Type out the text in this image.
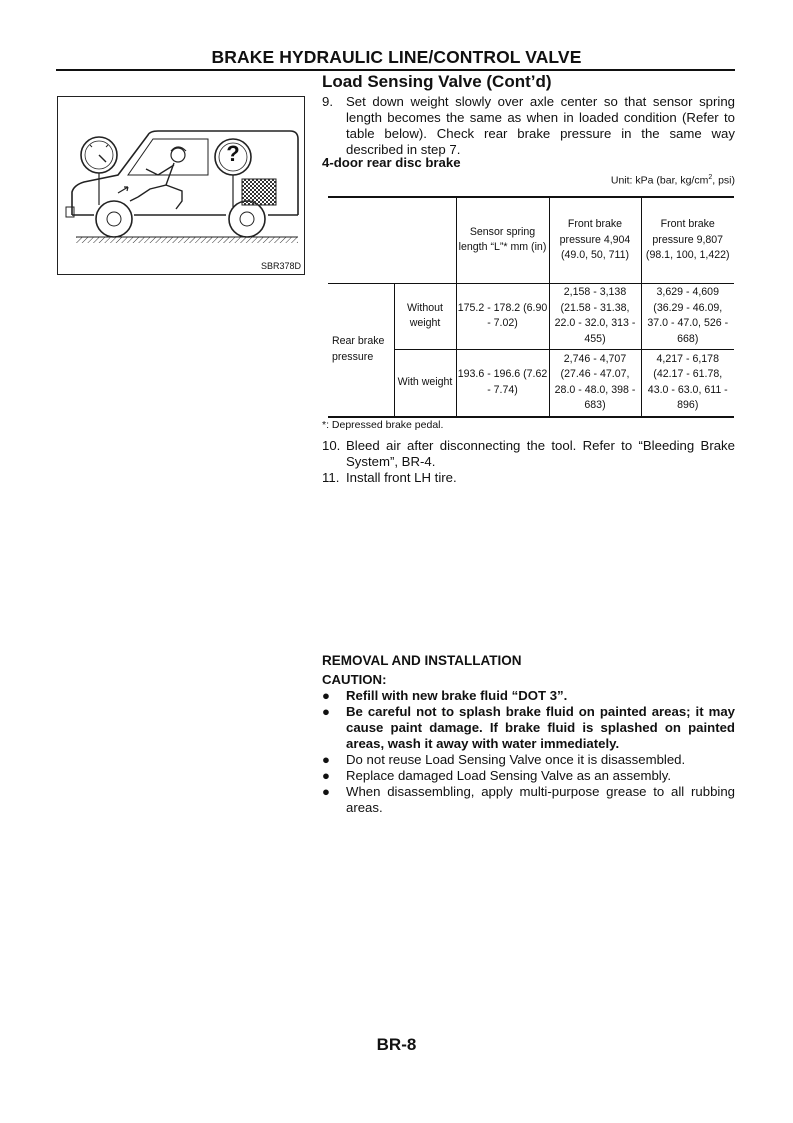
BRAKE HYDRAULIC LINE/CONTROL VALVE
Load Sensing Valve (Cont’d)
?
SBR378D
9. Set down weight slowly over axle center so that sensor spring length becomes the same as when in loaded condition (Refer to table below). Check rear brake pressure in the same way described in step 7.
4-door rear disc brake
Unit: kPa (bar, $kg/cm^2$, psi)
		Sensor spring length “L”* mm (in)	Front brake pressure 4,904 (49.0, 50, 711)	Front brake pressure 9,807 (98.1, 100, 1,422)
Rear brake pressure	Without weight	175.2 - 178.2 (6.90 - 7.02)	2,158 - 3,138 (21.58 - 31.38, 22.0 - 32.0, 313 - 455)	3,629 - 4,609 (36.29 - 46.09, 37.0 - 47.0, 526 - 668)
	With weight	193.6 - 196.6 (7.62 - 7.74)	2,746 - 4,707 (27.46 - 47.07, 28.0 - 48.0, 398 - 683)	4,217 - 6,178 (42.17 - 61.78, 43.0 - 63.0, 611 - 896)
*: Depressed brake pedal.
10. Bleed air after disconnecting the tool. Refer to “Bleeding Brake System”, BR-4.
11. Install front LH tire.
REMOVAL AND INSTALLATION
CAUTION:
● Refill with new brake fluid “DOT 3”.
● Be careful not to splash brake fluid on painted areas; it may cause paint damage. If brake fluid is splashed on painted areas, wash it away with water immediately.
● Do not reuse Load Sensing Valve once it is disassembled.
● Replace damaged Load Sensing Valve as an assembly.
● When disassembling, apply multi-purpose grease to all rubbing areas.
BR-8
